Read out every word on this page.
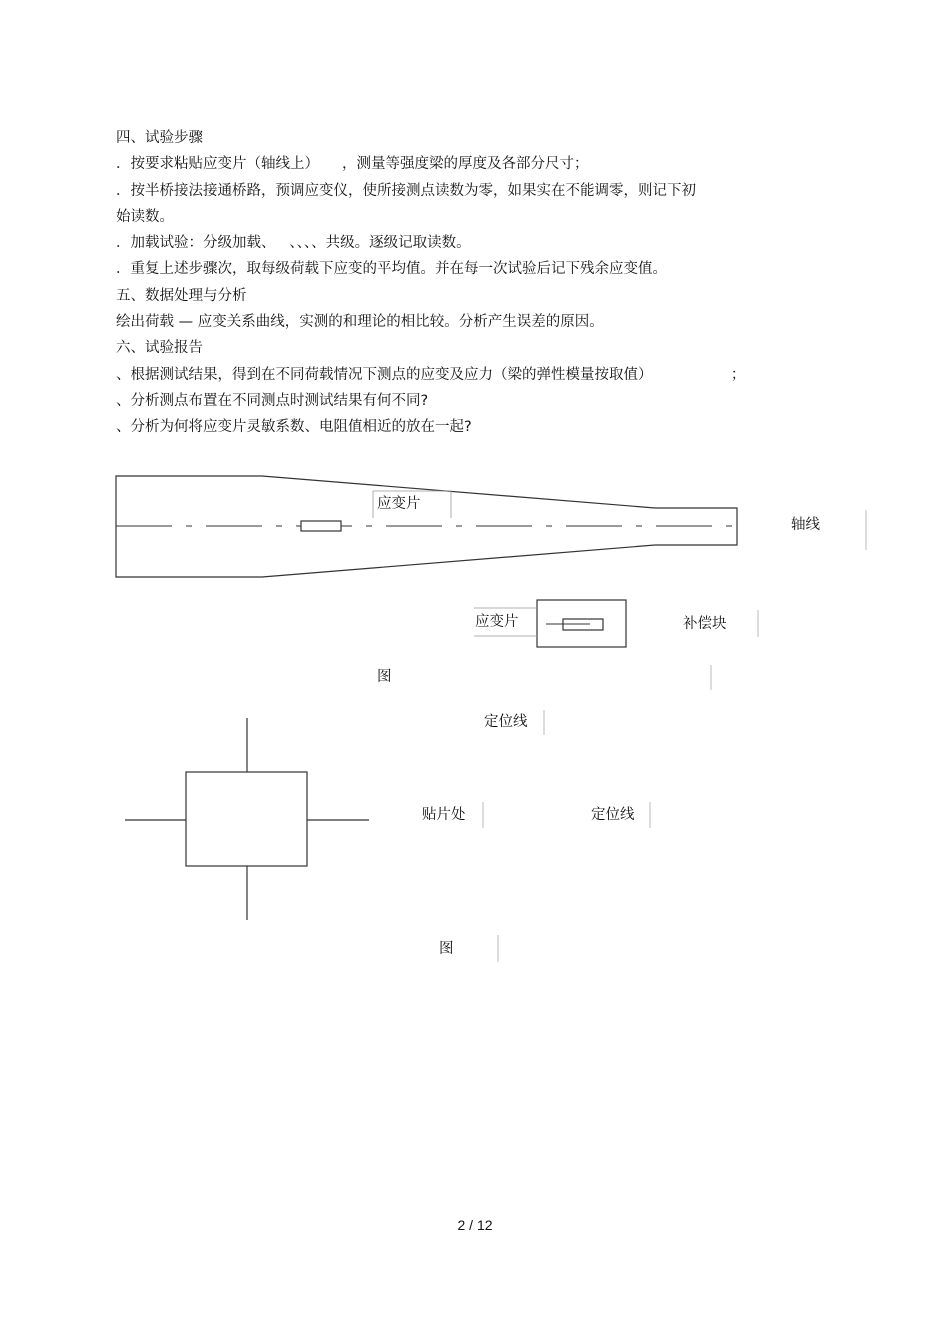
四、试验步骤
．按要求粘贴应变片（轴线上）     ，测量等强度梁的厚度及各部分尺寸；
．按半桥接法接通桥路，预调应变仪，使所接测点读数为零，如果实在不能调零，则记下初
始读数。
．加载试验：分级加载、   、、、、共级。逐级记取读数。
．重复上述步骤次，取每级荷载下应变的平均值。并在每一次试验后记下残余应变值。
五、数据处理与分析
绘出荷载 — 应变关系曲线，实测的和理论的相比较。分析产生误差的原因。
六、试验报告
、根据测试结果，得到在不同荷载情况下测点的应变及应力（梁的弹性模量按取值）                 ；
、分析测点布置在不同测点时测试结果有何不同?
、分析为何将应变片灵敏系数、电阻值相近的放在一起?
应变片
轴线
应变片	补偿块
图
定位线
贴片处	定位线
图
2 / 12
